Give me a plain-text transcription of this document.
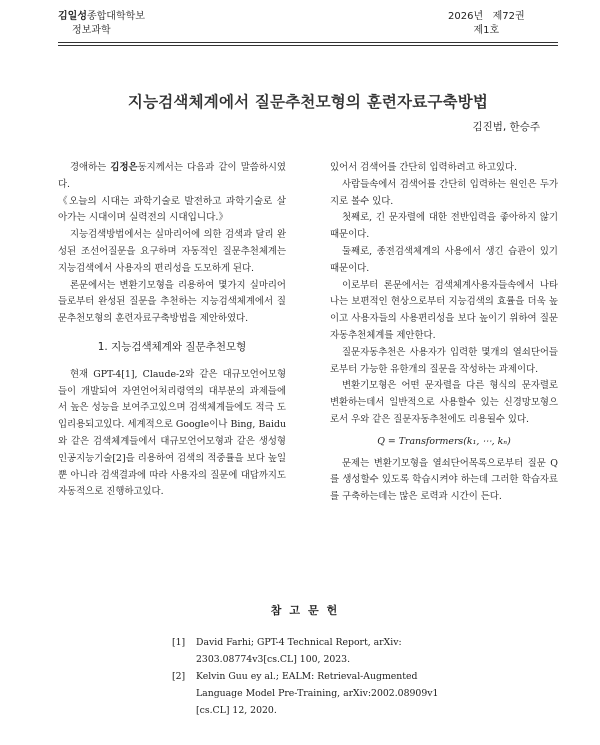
김일성종합대학학보
정보과학
2026년   제72권
제1호
지능검색체계에서 질문추천모형의 훈련자료구축방법
김진범, 한승주

경애하는 김정은동지께서는 다음과 같이 말씀하시였다.

《오늘의 시대는 과학기술로 발전하고 과학기술로 살아가는 시대이며 실력전의 시대입니다.》

지능검색방법에서는 실마리어에 의한 검색과 달리 완성된 조선어질문을 요구하며 자동적인 질문추천체계는 지능검색에서 사용자의 편리성을 도모하게 된다.

론문에서는 변환기모형을 리용하여 몇가지 실마리어들로부터 완성된 질문을 추천하는 지능검색체계에서 질문추천모형의 훈련자료구축방법을 제안하였다.

1. 지능검색체계와 질문추천모형

현재 GPT-4[1], Claude-2와 같은 대규모언어모형들이 개발되여 자연언어처리령역의 대부분의 과제들에서 높은 성능을 보여주고있으며 검색체계들에도 적극 도입리용되고있다. 세계적으로 Google이나 Bing, Baidu와 같은 검색체계들에서 대규모언어모형과 같은 생성형인공지능기술[2]을 리용하여 검색의 적중률을 보다 높일뿐 아니라 검색결과에 따라 사용자의 질문에 대답까지도 자동적으로 진행하고있다.

있어서 검색어를 간단히 입력하려고 하고있다.

사람들속에서 검색어를 간단히 입력하는 원인은 두가지로 볼수 있다.

첫째로, 긴 문자렬에 대한 전반입력을 좋아하지 않기때문이다.

둘째로, 종전검색체계의 사용에서 생긴 습관이 있기때문이다.

이로부터 론문에서는 검색체계사용자들속에서 나타나는 보편적인 현상으로부터 지능검색의 효률을 더욱 높이고 사용자들의 사용편리성을 보다 높이기 위하여 질문자동추천체계를 제안한다.

질문자동추천은 사용자가 입력한 몇개의 열쇠단어들로부터 가능한 유한개의 질문을 작성하는 과제이다.

변환기모형은 어떤 문자렬을 다른 형식의 문자렬로 변환하는데서 일반적으로 사용할수 있는 신경망모형으로서 우와 같은 질문자동추천에도 리용될수 있다.

Q = Transformers(k₁, ⋯, kₙ)

문제는 변환기모형을 열쇠단어목록으로부터 질문 Q를 생성할수 있도록 학습시켜야 하는데 그러한 학습자료를 구축하는데는 많은 로력과 시간이 든다.

참고문헌
[1]	David Farhi; GPT-4 Technical Report, arXiv: 2303.08774v3[cs.CL] 100, 2023.
[2]	Kelvin Guu ey al.; EALM: Retrieval-Augmented Language Model Pre-Training, arXiv:2002.08909v1 [cs.CL] 12, 2020.
